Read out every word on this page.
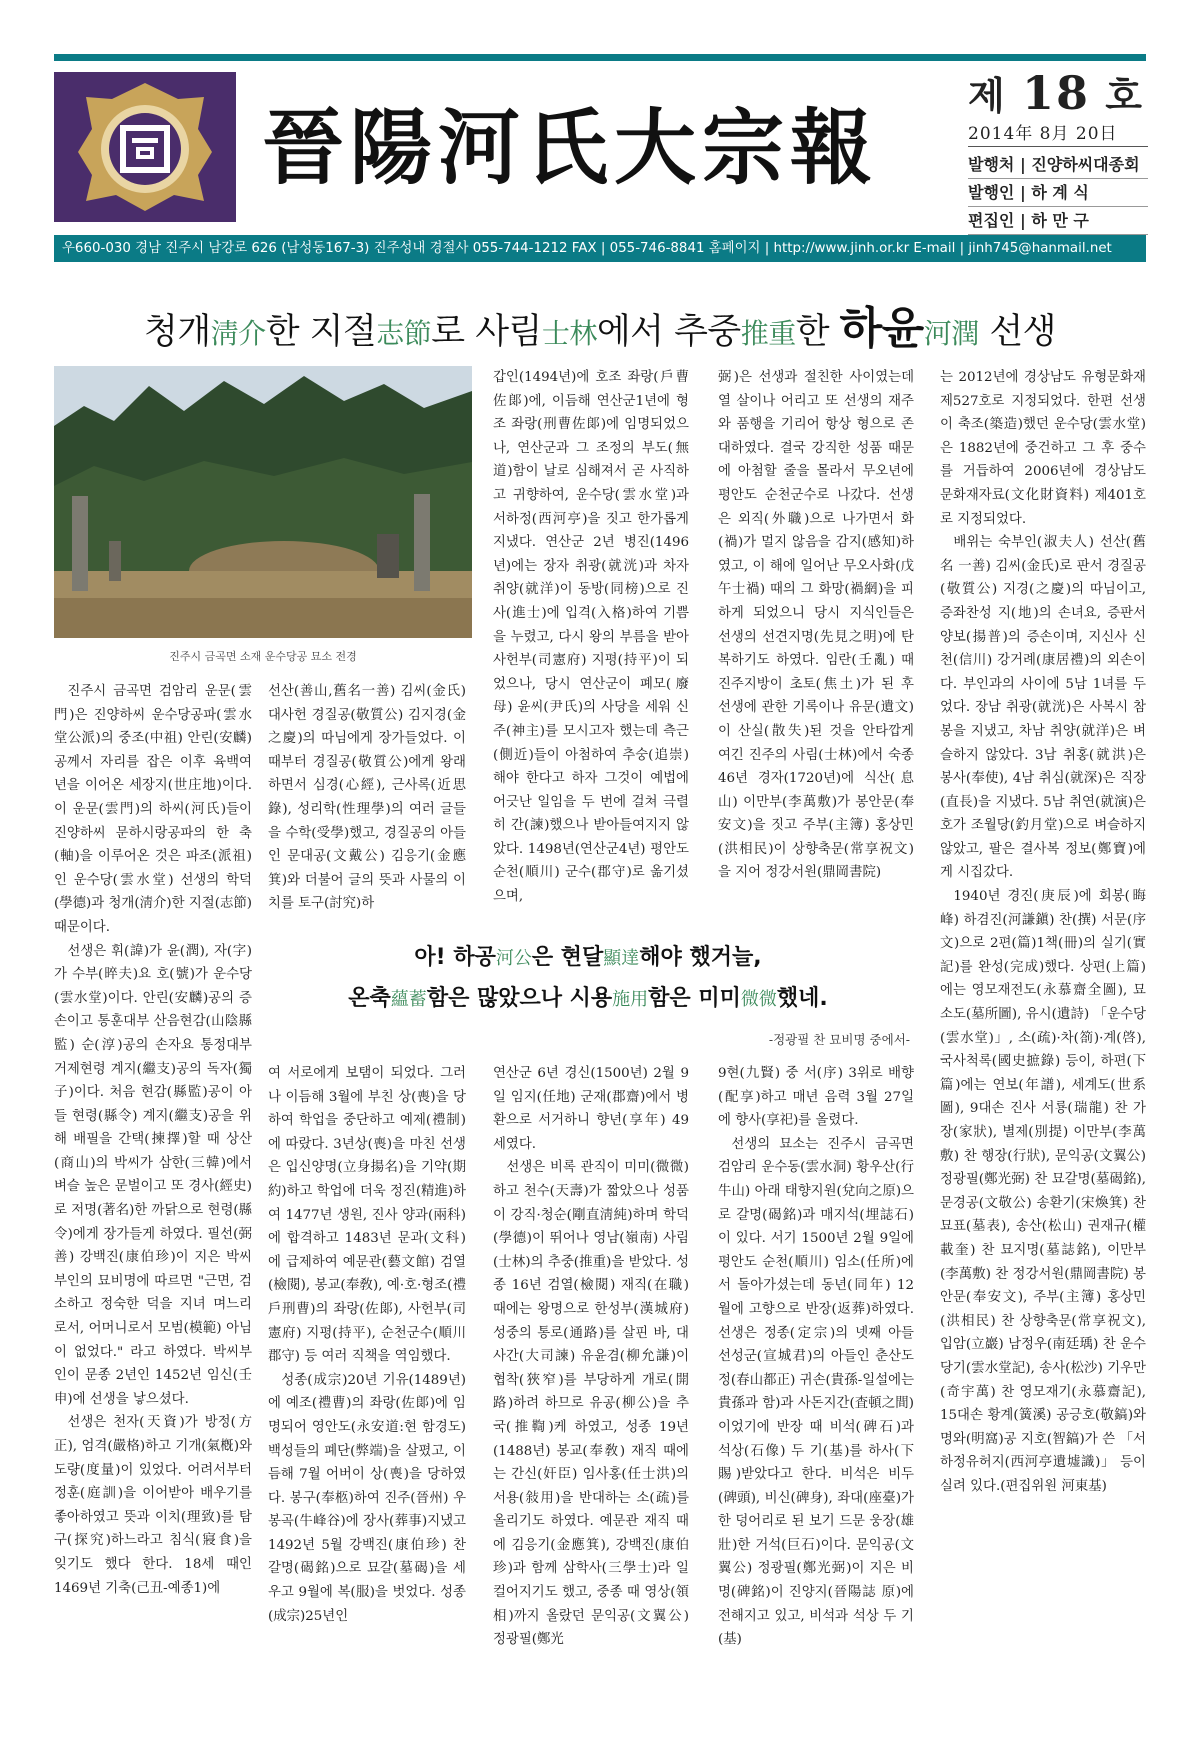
晉陽河氏大宗報
제 18 호
2014年 8月 20日
발행처 | 진양하씨대종회
발행인 | 하 계 식
편집인 | 하 만 구
우660-030 경남 진주시 남강로 626 (남성동167-3) 진주성내 경절사 055-744-1212 FAX | 055-746-8841 홈페이지 | http://www.jinh.or.kr E-mail | jinh745@hanmail.net
청개淸介한 지절志節로 사림士林에서 추중推重한 하윤河潤 선생
진주시 금곡면 소재 운수당공 묘소 전경

진주시 금곡면 검암리 운문(雲門)은 진양하씨 운수당공파(雲水堂公派)의 중조(中祖) 안린(安麟)공께서 자리를 잡은 이후 육백여년을 이어온 세장지(世庄地)이다. 이 운문(雲門)의 하씨(河氏)들이 진양하씨 문하시랑공파의 한 축(軸)을 이루어온 것은 파조(派祖)인 운수당(雲水堂) 선생의 학덕(學德)과 청개(淸介)한 지절(志節) 때문이다.

선생은 휘(諱)가 윤(潤), 자(字)가 수부(晬夫)요 호(號)가 운수당(雲水堂)이다. 안린(安麟)공의 증손이고 통훈대부 산음현감(山陰縣監) 순(淳)공의 손자요 통정대부 거제현령 계지(繼支)공의 독자(獨子)이다. 처음 현감(縣監)공이 아들 현령(縣令) 계지(繼支)공을 위해 배필을 간택(揀擇)할 때 상산(商山)의 박씨가 삼한(三韓)에서 벼슬 높은 문벌이고 또 경사(經史)로 저명(著名)한 까닭으로 현령(縣令)에게 장가들게 하였다. 필선(弼善) 강백진(康伯珍)이 지은 박씨부인의 묘비명에 따르면 "근면, 검소하고 정숙한 덕을 지녀 며느리로서, 어머니로서 모범(模範) 아님이 없었다." 라고 하였다. 박씨부인이 문종 2년인 1452년 임신(壬申)에 선생을 낳으셨다.

선생은 천자(天資)가 방정(方正), 엄격(嚴格)하고 기개(氣槪)와 도량(度量)이 있었다. 어려서부터 정훈(庭訓)을 이어받아 배우기를 좋아하였고 뜻과 이치(理致)를 탐구(探究)하느라고 침식(寢食)을 잊기도 했다 한다. 18세 때인 1469년 기축(己丑-예종1)에

선산(善山,舊名一善) 김씨(金氏) 대사헌 경질공(敬質公) 김지경(金之慶)의 따님에게 장가들었다. 이때부터 경질공(敬質公)에게 왕래하면서 심경(心經), 근사록(近思錄), 성리학(性理學)의 여러 글들을 수학(受學)했고, 경질공의 아들인 문대공(文戴公) 김응기(金應箕)와 더불어 글의 뜻과 사물의 이치를 토구(討究)하

갑인(1494년)에 호조 좌랑(戶曹佐郞)에, 이듬해 연산군1년에 형조 좌랑(刑曹佐郞)에 임명되었으나, 연산군과 그 조정의 부도(無道)함이 날로 심해져서 곧 사직하고 귀향하여, 운수당(雲水堂)과 서하정(西河亭)을 짓고 한가롭게 지냈다. 연산군 2년 병진(1496년)에는 장자 취광(就洸)과 차자 취양(就洋)이 동방(同榜)으로 진사(進士)에 입격(入格)하여 기쁨을 누렸고, 다시 왕의 부름을 받아 사헌부(司憲府) 지평(持平)이 되었으나, 당시 연산군이 폐모(廢母) 윤씨(尹氏)의 사당을 세워 신주(神主)를 모시고자 했는데 측근(側近)들이 아첨하여 추숭(追崇)해야 한다고 하자 그것이 예법에 어긋난 일임을 두 번에 걸쳐 극렬히 간(諫)했으나 받아들여지지 않았다. 1498년(연산군4년) 평안도 순천(順川) 군수(郡守)로 옮기셨으며,

弼)은 선생과 절친한 사이였는데 열 살이나 어리고 또 선생의 재주와 품행을 기리어 항상 형으로 존대하였다. 결국 강직한 성품 때문에 아첨할 줄을 몰라서 무오년에 평안도 순천군수로 나갔다. 선생은 외직(外職)으로 나가면서 화(禍)가 멀지 않음을 감지(感知)하였고, 이 해에 일어난 무오사화(戊午士禍) 때의 그 화망(禍網)을 피하게 되었으니 당시 지식인들은 선생의 선견지명(先見之明)에 탄복하기도 하였다. 임란(壬亂) 때 진주지방이 초토(焦土)가 된 후 선생에 관한 기록이나 유문(遺文)이 산실(散失)된 것을 안타깝게 여긴 진주의 사림(士林)에서 숙종 46년 경자(1720년)에 식산(息山) 이만부(李萬敷)가 봉안문(奉安文)을 짓고 주부(主簿) 홍상민(洪相民)이 상향축문(常享祝文)을 지어 정강서원(鼎岡書院)

는 2012년에 경상남도 유형문화재 제527호로 지정되었다. 한편 선생이 축조(築造)했던 운수당(雲水堂)은 1882년에 중건하고 그 후 중수를 거듭하여 2006년에 경상남도 문화재자료(文化財資料) 제401호로 지정되었다.

배위는 숙부인(淑夫人) 선산(舊名 一善) 김씨(金氏)로 판서 경질공(敬質公) 지경(之慶)의 따님이고, 증좌찬성 지(地)의 손녀요, 증판서 양보(揚普)의 증손이며, 지신사 신천(信川) 강거례(康居禮)의 외손이다. 부인과의 사이에 5남 1녀를 두었다. 장남 취광(就洸)은 사복시 참봉을 지냈고, 차남 취양(就洋)은 벼슬하지 않았다. 3남 취홍(就洪)은 봉사(奉使), 4남 취심(就深)은 직장(直長)을 지냈다. 5남 취연(就演)은 호가 조월당(釣月堂)으로 벼슬하지 않았고, 팔은 결사복 정보(鄭寶)에게 시집갔다.

1940년 경진(庚辰)에 회봉(晦峰) 하겸진(河謙鎭) 찬(撰) 서문(序文)으로 2편(篇)1책(冊)의 실기(實記)를 완성(完成)했다. 상편(上篇)에는 영모재전도(永慕齋全圖), 묘소도(墓所圖), 유시(遺詩) 「운수당(雲水堂)」, 소(疏)·차(箚)·계(啓), 국사척록(國史摭錄) 등이, 하편(下篇)에는 연보(年譜), 세계도(世系圖), 9대손 진사 서룡(瑞龍) 찬 가장(家狀), 별제(別提) 이만부(李萬敷) 찬 행장(行狀), 문익공(文翼公) 정광필(鄭光弼) 찬 묘갈명(墓碣銘), 문경공(文敬公) 송환기(宋煥箕) 찬 묘표(墓表), 송산(松山) 권재규(權載奎) 찬 묘지명(墓誌銘), 이만부(李萬敷) 찬 정강서원(鼎岡書院) 봉안문(奉安文), 주부(主簿) 홍상민(洪相民) 찬 상향축문(常享祝文), 입암(立巖) 남정우(南廷瑀) 찬 운수당기(雲水堂記), 송사(松沙) 기우만(奇宇萬) 찬 영모재기(永慕齋記), 15대손 황계(簧溪) 공긍호(敬鎬)와 명와(明窩)공 지호(智鎬)가 쓴 「서하정유허지(西河亭遺墟識)」 등이 실려 있다.(편집위원 河東基)

아! 하공河公은 현달顯達해야 했거늘,
온축蘊蓄함은 많았으나 시용施用함은 미미微微했네.
-정광필 찬 묘비명 중에서-

여 서로에게 보탬이 되었다. 그러나 이듬해 3월에 부친 상(喪)을 당하여 학업을 중단하고 예제(禮制)에 따랐다. 3년상(喪)을 마친 선생은 입신양명(立身揚名)을 기약(期約)하고 학업에 더욱 정진(精進)하여 1477년 생원, 진사 양과(兩科)에 합격하고 1483년 문과(文科)에 급제하여 예문관(藝文館) 검열(檢閱), 봉교(奉敎), 예·호·형조(禮戶刑曹)의 좌랑(佐郞), 사헌부(司憲府) 지평(持平), 순천군수(順川郡守) 등 여러 직책을 역임했다.

성종(成宗)20년 기유(1489년)에 예조(禮曹)의 좌랑(佐郞)에 임명되어 영안도(永安道:현 함경도) 백성들의 폐단(弊端)을 살폈고, 이듬해 7월 어버이 상(喪)을 당하였다. 봉구(奉柩)하여 진주(晉州) 우봉곡(牛峰谷)에 장사(葬事)지냈고 1492년 5월 강백진(康伯珍) 찬 갈명(碣銘)으로 묘갈(墓碣)을 세우고 9월에 복(服)을 벗었다. 성종(成宗)25년인

연산군 6년 경신(1500년) 2월 9일 임지(任地) 군재(郡齋)에서 병환으로 서거하니 향년(享年) 49세였다.

선생은 비록 관직이 미미(微微)하고 천수(天壽)가 짧았으나 성품이 강직·청순(剛直淸純)하며 학덕(學德)이 뛰어나 영남(嶺南) 사림(士林)의 추중(推重)을 받았다. 성종 16년 검열(檢閱) 재직(在職) 때에는 왕명으로 한성부(漢城府) 성중의 통로(通路)를 살핀 바, 대사간(大司諫) 유윤겸(柳允謙)이 협착(狹窄)를 부당하게 개로(開路)하려 하므로 유공(柳公)을 추국(推鞫)케 하였고, 성종 19년(1488년) 봉교(奉敎) 재직 때에는 간신(奸臣) 임사홍(任士洪)의 서용(敍用)을 반대하는 소(疏)를 올리기도 하였다. 예문관 재직 때에 김응기(金應箕), 강백진(康伯珍)과 함께 삼학사(三學士)라 일컬어지기도 했고, 중종 때 영상(領相)까지 올랐던 문익공(文翼公) 정광필(鄭光

9현(九賢) 중 서(序) 3위로 배향(配享)하고 매년 음력 3월 27일에 향사(享祀)를 올렸다.

선생의 묘소는 진주시 금곡면 검암리 운수동(雲水洞) 황우산(行牛山) 아래 태향지원(兌向之原)으로 갈명(碣銘)과 매지석(埋誌石)이 있다. 서기 1500년 2월 9일에 평안도 순천(順川) 임소(任所)에서 돌아가셨는데 동년(同年) 12월에 고향으로 반장(返葬)하였다. 선생은 정종(定宗)의 넷째 아들 선성군(宣城君)의 아들인 춘산도정(春山都正) 귀손(貴孫-일설에는 貴孫과 함)과 사돈지간(査頓之間)이었기에 반장 때 비석(碑石)과 석상(石像) 두 기(基)를 하사(下賜)받았다고 한다. 비석은 비두(碑頭), 비신(碑身), 좌대(座臺)가 한 덩어리로 된 보기 드문 웅장(雄壯)한 거석(巨石)이다. 문익공(文翼公) 정광필(鄭光弼)이 지은 비명(碑銘)이 진양지(晉陽誌 原)에 전해지고 있고, 비석과 석상 두 기(基)
